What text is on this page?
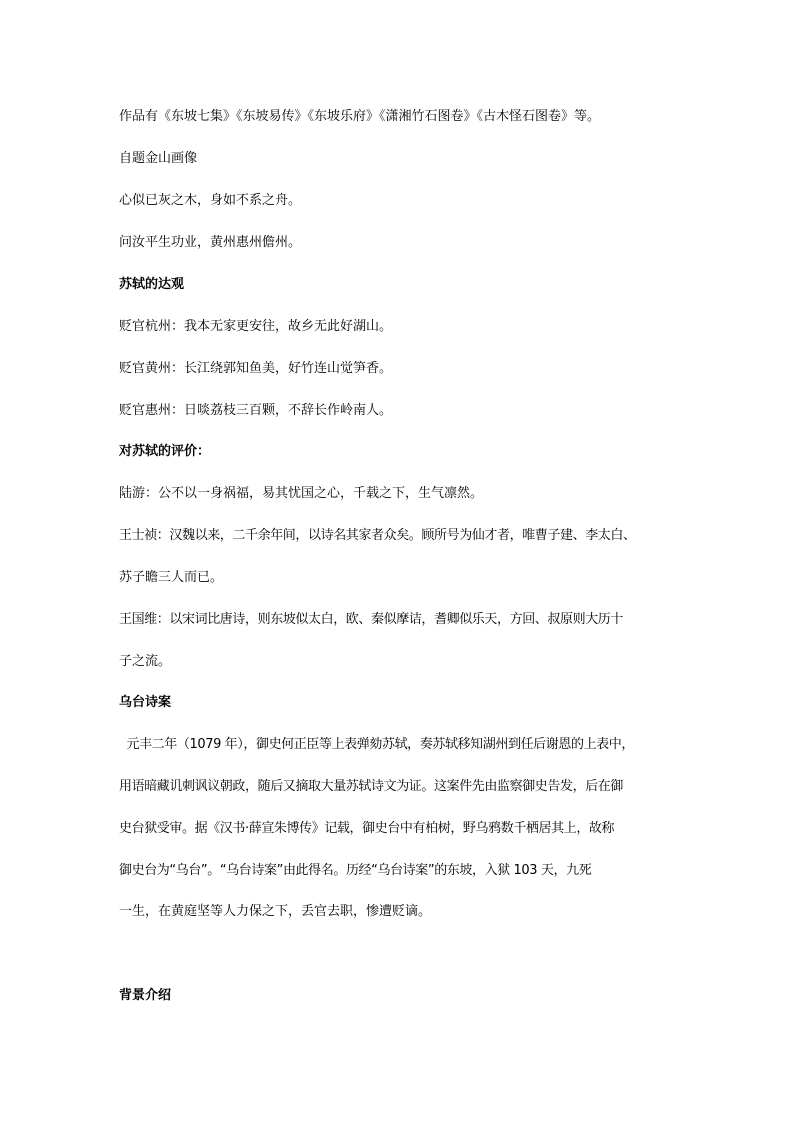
作品有《东坡七集》《东坡易传》《东坡乐府》《潇湘竹石图卷》《古木怪石图卷》等。
自题金山画像
心似已灰之木，身如不系之舟。
问汝平生功业，黄州惠州儋州。
苏轼的达观
贬官杭州：我本无家更安往，故乡无此好湖山。
贬官黄州：长江绕郭知鱼美，好竹连山觉笋香。
贬官惠州：日啖荔枝三百颗，不辞长作岭南人。
对苏轼的评价：
陆游：公不以一身祸福，易其忧国之心，千载之下，生气凛然。
王士祯：汉魏以来，二千余年间，以诗名其家者众矣。顾所号为仙才者，唯曹子建、李太白、
苏子瞻三人而已。
王国维：以宋词比唐诗，则东坡似太白，欧、秦似摩诘，耆卿似乐天，方回、叔原则大历十
子之流。
乌台诗案
元丰二年（1079 年），御史何正臣等上表弹劾苏轼，奏苏轼移知湖州到任后谢恩的上表中，
用语暗藏讥刺讽议朝政，随后又摘取大量苏轼诗文为证。这案件先由监察御史告发，后在御
史台狱受审。据《汉书·薛宣朱博传》记载，御史台中有柏树，野乌鸦数千栖居其上，故称
御史台为“乌台”。“乌台诗案”由此得名。历经“乌台诗案”的东坡，入狱 103 天，九死
一生，在黄庭坚等人力保之下，丢官去职，惨遭贬谪。
背景介绍
